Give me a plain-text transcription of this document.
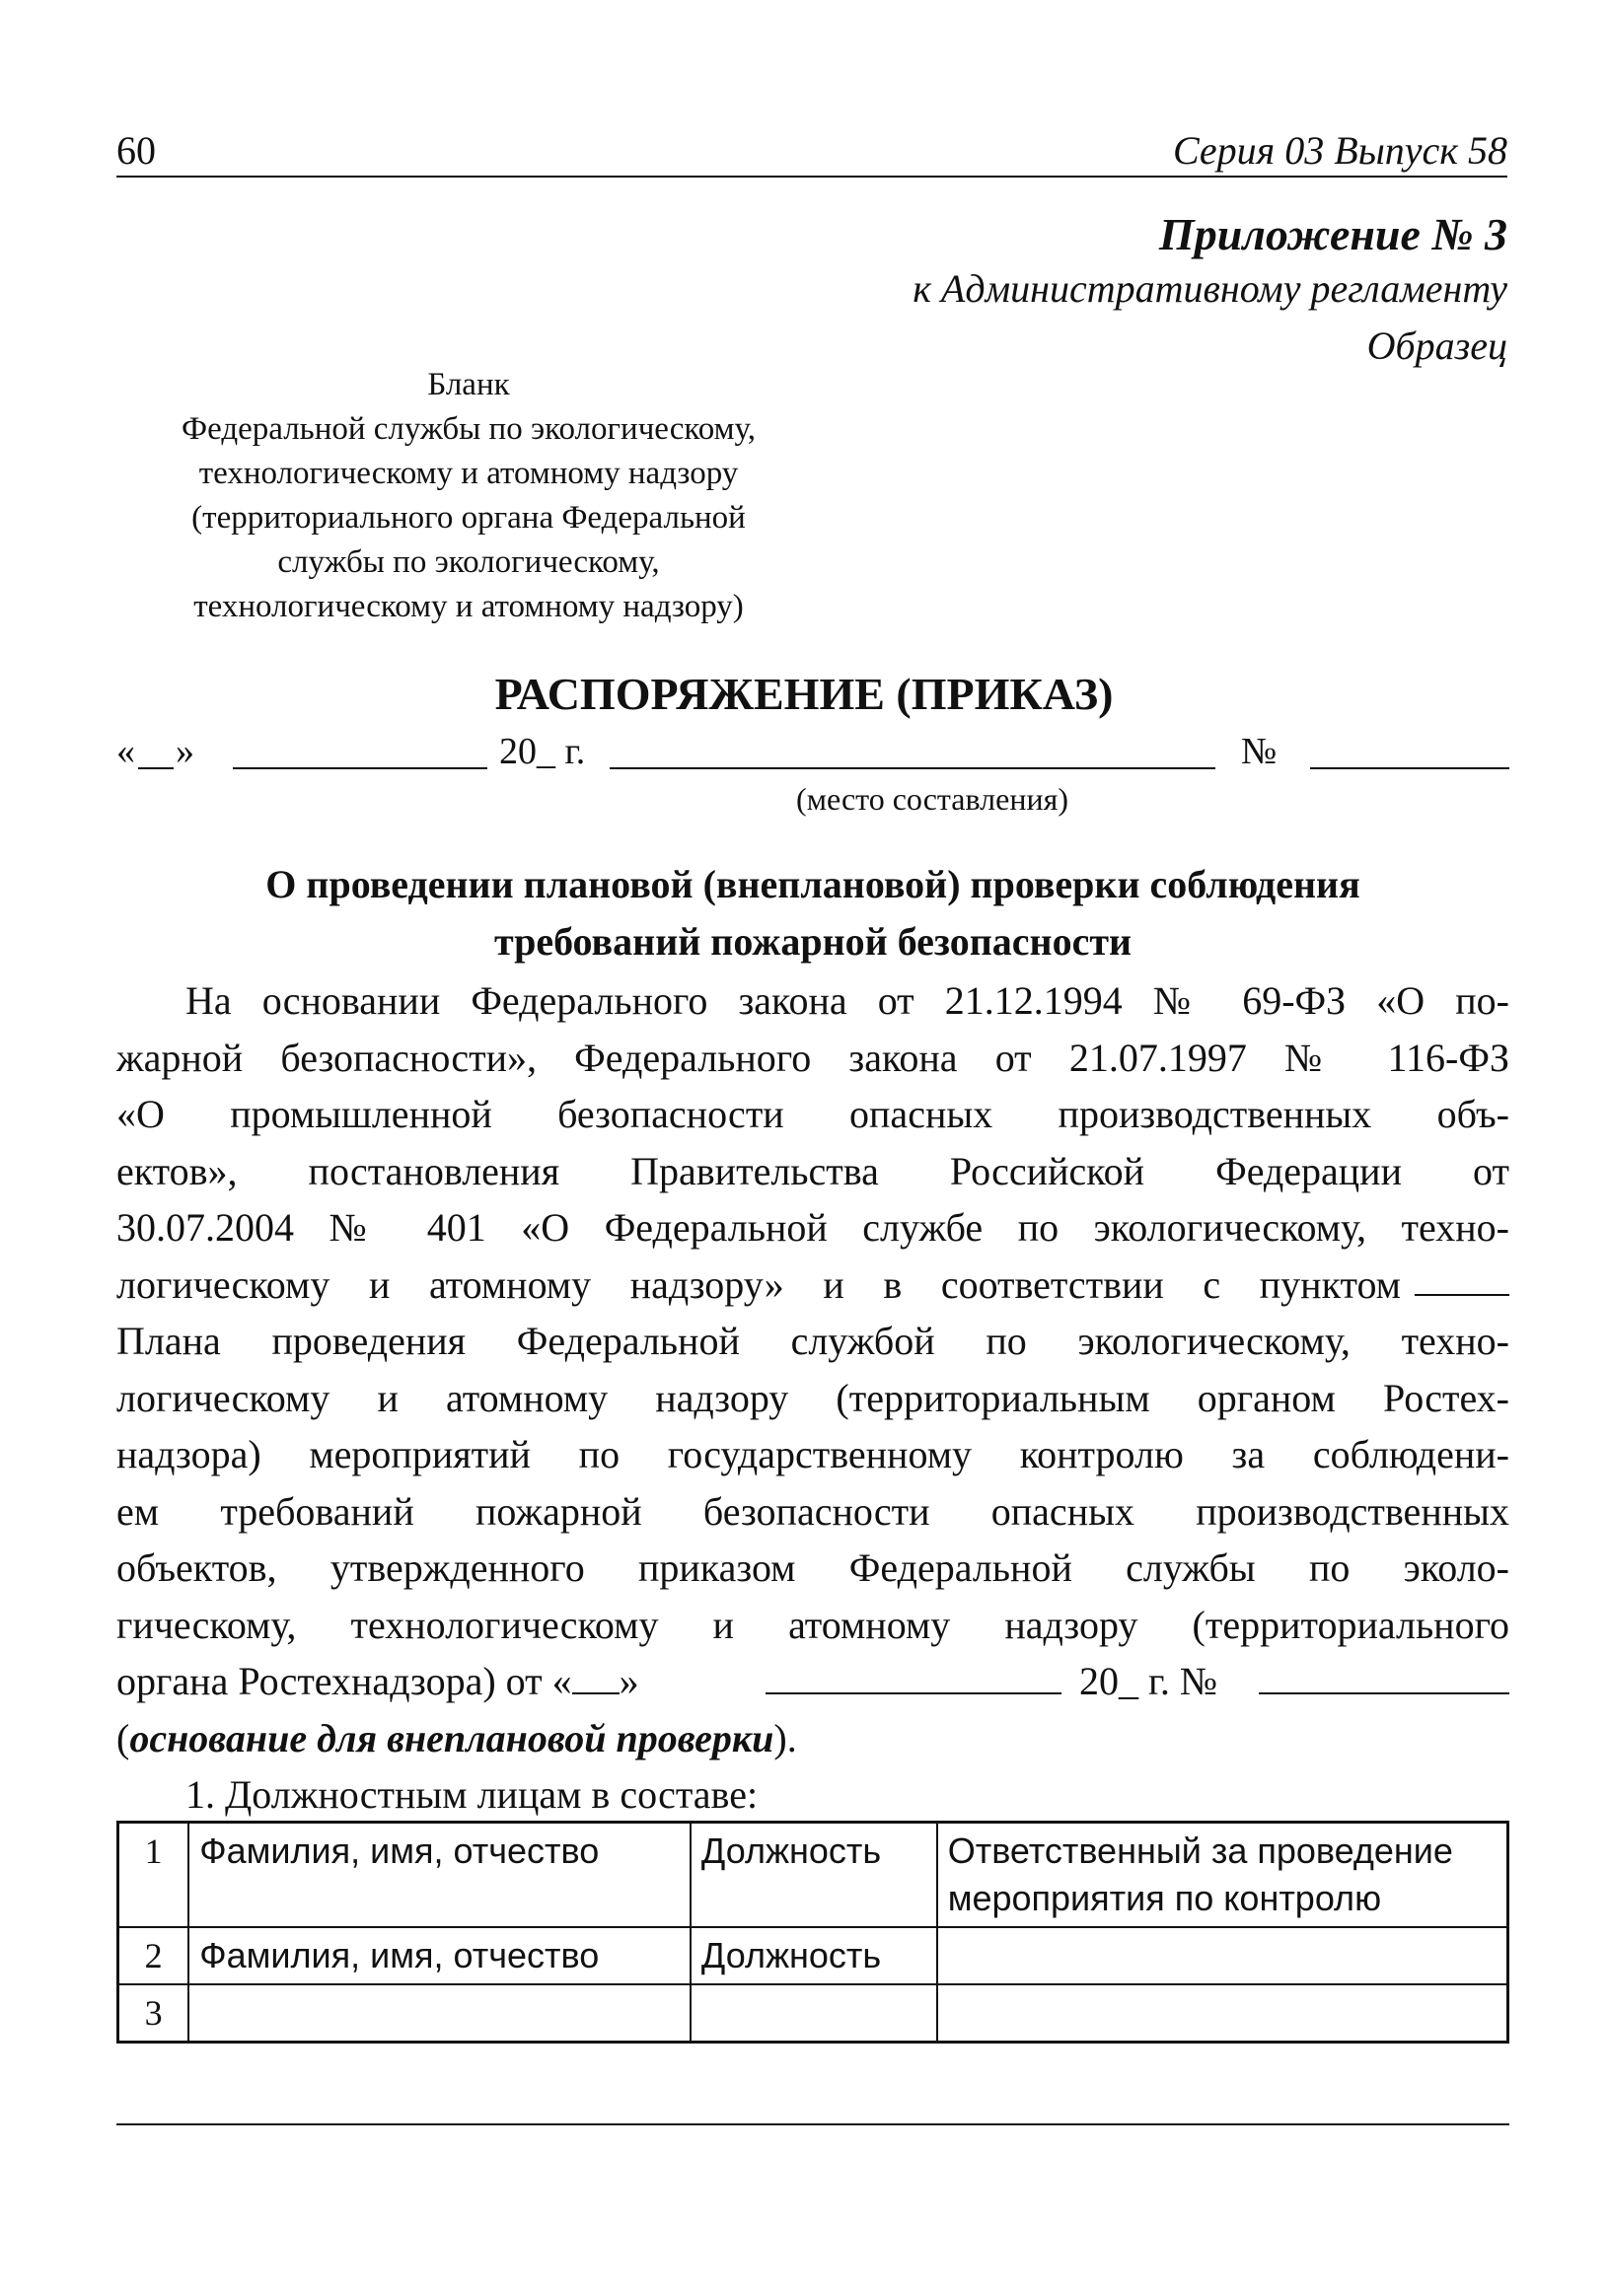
60	Серия 03 Выпуск 58
Приложение № 3
к Административному регламенту
Образец
Бланк
Федеральной службы по экологическому,
технологическому и атомному надзору
(территориального органа Федеральной
службы по экологическому,
технологическому и атомному надзору)
РАСПОРЯЖЕНИЕ (ПРИКАЗ)
« »	20_ г.	№
(место составления)
О проведении плановой (внеплановой) проверки соблюдения
требований пожарной безопасности
На основании Федерального закона от 21.12.1994 № 69-ФЗ «О по-
жарной безопасности», Федерального закона от 21.07.1997 № 116-ФЗ
«О промышленной безопасности опасных производственных объ-
ектов», постановления Правительства Российской Федерации от
30.07.2004 № 401 «О Федеральной службе по экологическому, техно-
логическому и атомному надзору» и в соответствии с пунктом
Плана проведения Федеральной службой по экологическому, техно-
логическому и атомному надзору (территориальным органом Ростех-
надзора) мероприятий по государственному контролю за соблюдени-
ем требований пожарной безопасности опасных производственных
объектов, утвержденного приказом Федеральной службы по эколо-
гическому, технологическому и атомному надзору (территориального
органа Ростехнадзора) от « »	20_ г. №
(основание для внеплановой проверки).
1. Должностным лицам в составе:
1	Фамилия, имя, отчество	Должность	Ответственный за проведение мероприятия по контролю
2	Фамилия, имя, отчество	Должность	
3			
